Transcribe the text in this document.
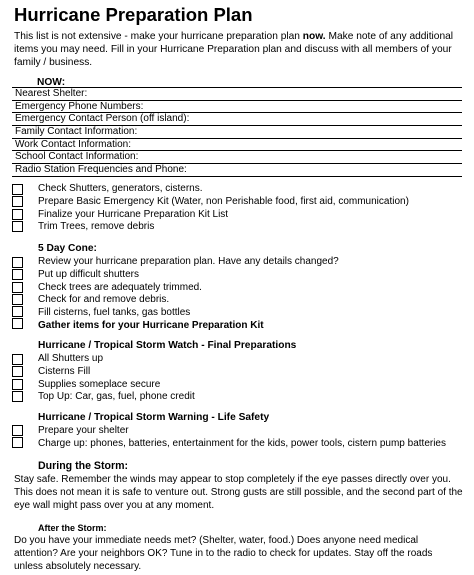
Hurricane Preparation Plan
This list is not extensive - make your hurricane preparation plan now. Make note of any additional items you may need. Fill in your Hurricane Preparation plan and discuss with all members of your family / business.
NOW:
Nearest Shelter:
Emergency Phone Numbers:
Emergency Contact Person (off island):
Family Contact Information:
Work Contact Information:
School Contact Information:
Radio Station Frequencies and Phone:
Check Shutters, generators, cisterns.
Prepare Basic Emergency Kit (Water, non Perishable food, first aid, communication)
Finalize your Hurricane Preparation Kit List
Trim Trees, remove debris
5 Day Cone:
Review your hurricane preparation plan. Have any details changed?
Put up difficult shutters
Check trees are adequately trimmed.
Check for and remove debris.
Fill cisterns, fuel tanks, gas bottles
Gather items for your Hurricane Preparation Kit
Hurricane / Tropical Storm Watch - Final Preparations
All Shutters up
Cisterns Fill
Supplies someplace secure
Top Up: Car, gas, fuel, phone credit
Hurricane / Tropical Storm Warning - Life Safety
Prepare your shelter
Charge up: phones, batteries, entertainment for the kids, power tools, cistern pump batteries
During the Storm:
Stay safe. Remember the winds may appear to stop completely if the eye passes directly over you. This does not mean it is safe to venture out. Strong gusts are still possible, and the second part of the eye wall might pass over you at any moment.
After the Storm:
Do you have your immediate needs met? (Shelter, water, food.) Does anyone need medical attention? Are your neighbors OK? Tune in to the radio to check for updates. Stay off the roads unless absolutely necessary.
